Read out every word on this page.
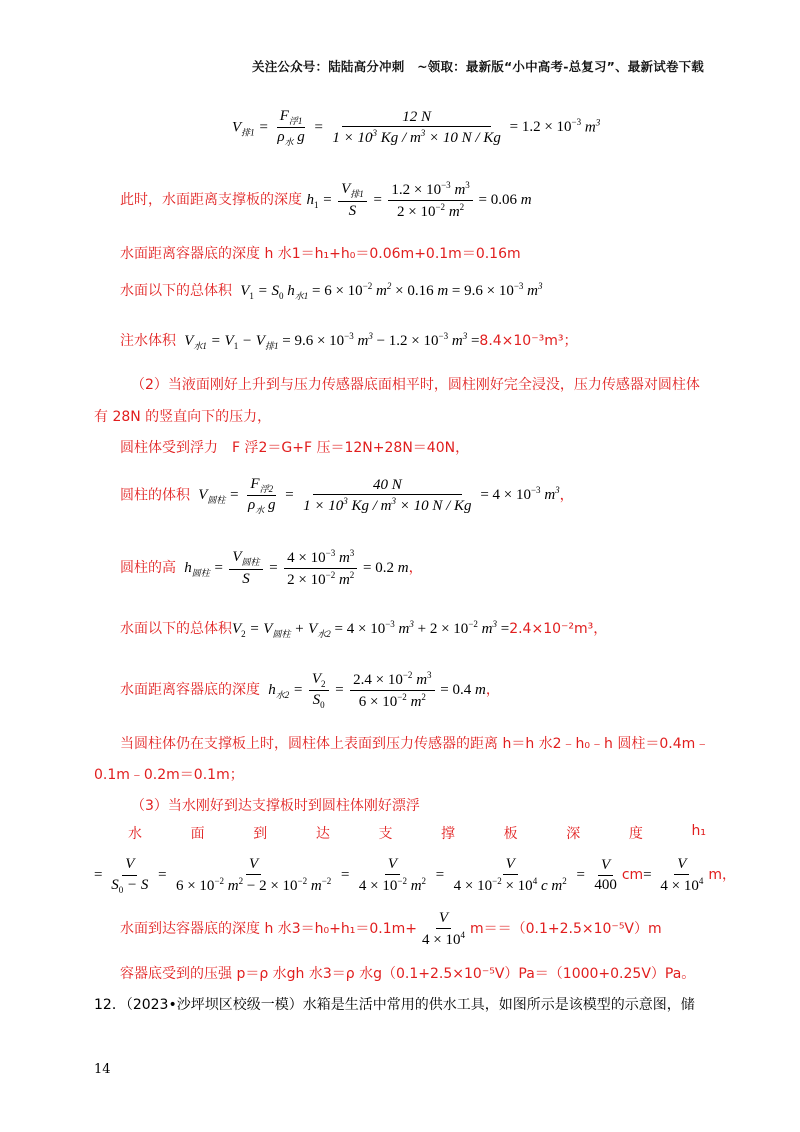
关注公众号：陆陆高分冲刺　~领取：最新版“小中高考-总复习”、最新试卷下载
$V_{排1} = \frac{F_{浮1}}{\rho_水 g} = \frac{12 N}{1 \times 10^3 Kg / m^3 \times 10 N / Kg} = 1.2 \times 10^{-3}$ $m^3$
此时，水面距离支撑板的深度 $h_1 = \frac{V_{排1}}{S} = \frac{1.2 \times 10^{-3} m^3}{2 \times 10^{-2} m^2} = 0.06$ m
水面距离容器底的深度 h 水1＝h₁+h₀＝0.06m+0.1m＝0.16m
水面以下的总体积  $V_1 = S_0$ $h_{水1} = 6 \times 10^{-2}$ $m^2 \times 0.16$ $m = 9.6 \times 10^{-3}$ $m^3$
注水体积  $V_{水1} = V_1 - V_{排1} = 9.6 \times 10^{-3}$ $m^3 - 1.2 \times 10^{-3}$ $m^3 =8.4\times 10^{-3}m^3$；
（2）当液面刚好上升到与压力传感器底面相平时，圆柱刚好完全浸没，压力传感器对圆柱体
有 28N 的竖直向下的压力，
圆柱体受到浮力　F 浮2＝G+F 压＝12N+28N＝40N，
圆柱的体积  $V_{圆柱} = \frac{F_{浮2}}{\rho_水 g} = \frac{40 N}{1 \times 10^3 Kg / m^3 \times 10 N / Kg} = 4 \times 10^{-3}$ $m^3$，
圆柱的高  $h_{圆柱} = \frac{V_{圆柱}}{S} = \frac{4 \times 10^{-3} m^3}{2 \times 10^{-2} m^2} = 0.2$ m，
水面以下的总体积$V_2 = V_{圆柱} + V_{水2} = 4 \times 10^{-3}$ $m^3 + 2 \times 10^{-2}$ $m^3 =2.4\times 10^{-2}m^3$，
水面距离容器底的深度  $h_{水2} = \frac{V_2}{S_0} = \frac{2.4 \times 10^{-2} m^3}{6 \times 10^{-2} m^2} = 0.4$ m，
当圆柱体仍在支撑板上时，圆柱体上表面到压力传感器的距离 h＝h 水2﹣h₀﹣h 圆柱＝0.4m﹣
0.1m﹣0.2m＝0.1m；
（3）当水刚好到达支撑板时到圆柱体刚好漂浮
水	面	到	达	支	撑	板	深	度	h₁
= $\frac{V}{S_0 - S} = \frac{V}{6 \times 10^{-2} m^2 - 2 \times 10^{-2} m^{-2}} = \frac{V}{4 \times 10^{-2} m^2} = \frac{V}{4 \times 10^{-2} \times 10^4 c m^2} = \frac{V}{400} cm= \frac{V}{4 \times 10^4}$ m，
水面到达容器底的深度 h 水$3=h_0+h_1=0.1m+ \frac{V}{4 \times 10^4} m==(0.1+2.5\times 10^{-5}V)m$
容器底受到的压强 p＝ρ 水gh 水3＝ρ 水g（0.1+2.5×10⁻⁵V）Pa＝（1000+0.25V）Pa。
12．（2023•沙坪坝区校级一模）水箱是生活中常用的供水工具，如图所示是该模型的示意图，储
14
